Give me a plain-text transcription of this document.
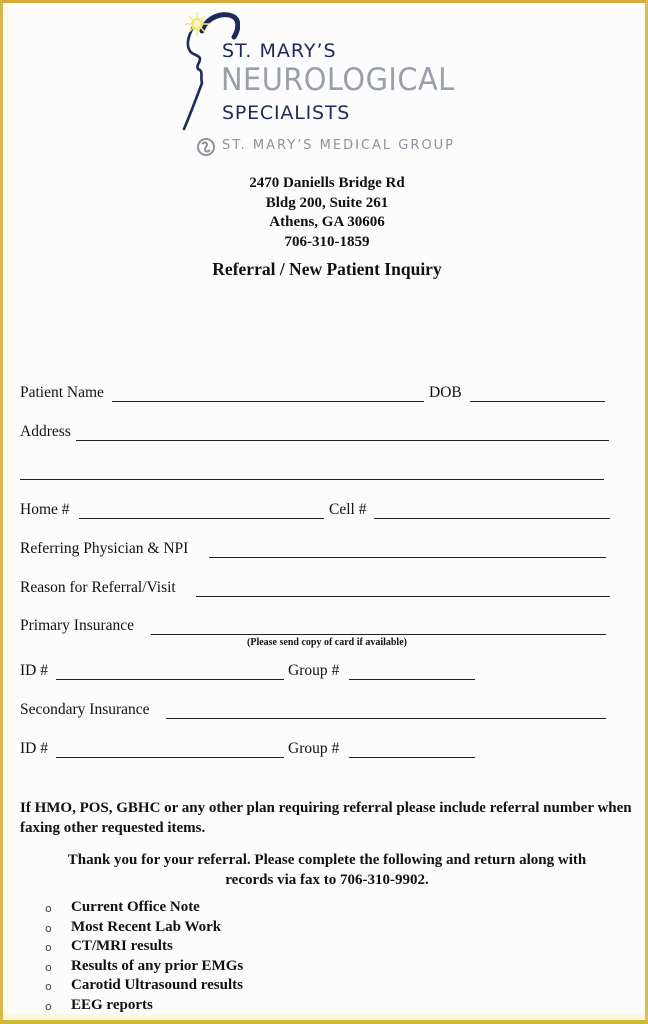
ST. MARY’S
NEUROLOGICAL
SPECIALISTS
ST. MARY’S MEDICAL GROUP
2470 Daniells Bridge Rd
Bldg 200, Suite 261
Athens, GA 30606
706-310-1859
Referral / New Patient Inquiry
Patient Name	DOB
Address
Home #	Cell #
Referring Physician & NPI
Reason for Referral/Visit
Primary Insurance
(Please send copy of card if available)
ID #	Group #
Secondary Insurance
ID #	Group #
If HMO, POS, GBHC or any other plan requiring referral please include referral number when faxing other requested items.
Thank you for your referral. Please complete the following and return along with
records via fax to 706-310-9902.
o Current Office Note
o Most Recent Lab Work
o CT/MRI results
o Results of any prior EMGs
o Carotid Ultrasound results
o EEG reports
